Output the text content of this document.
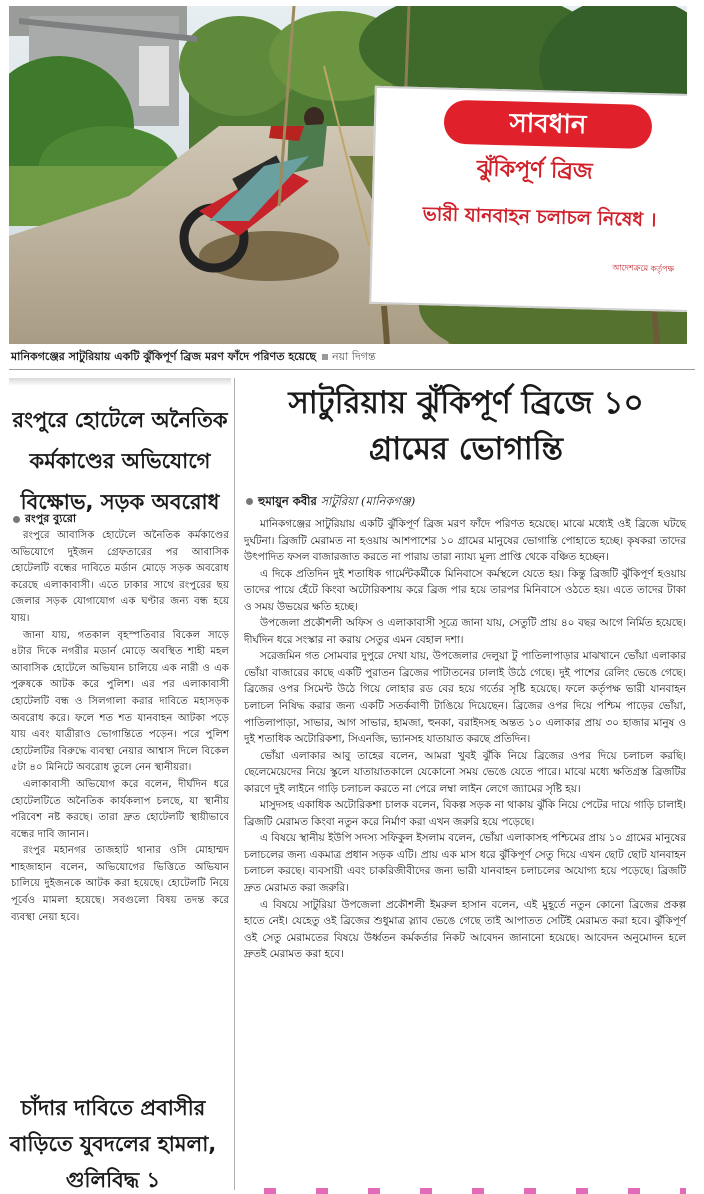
সাবধান
ঝুঁকিপূর্ণ ব্রিজ
ভারী যানবাহন চলাচল নিষেধ ।
আদেশক্রমে কর্তৃপক্ষ
মানিকগঞ্জের সাটুরিয়ায় একটি ঝুঁকিপূর্ণ ব্রিজ মরণ ফাঁদে পরিণত হয়েছে নয়া দিগন্ত
রংপুরে হোটেলে অনৈতিক কর্মকাণ্ডের অভিযোগে বিক্ষোভ, সড়ক অবরোধ
রংপুর ব্যুরো

রংপুরে আবাসিক হোটেলে অনৈতিক কর্মকাণ্ডের অভিযোগে দুইজন গ্রেফতারের পর আবাসিক হোটেলটি বন্ধের দাবিতে মর্ডান মোড়ে সড়ক অবরোধ করেছে এলাকাবাসী। এতে ঢাকার সাথে রংপুরের ছয় জেলার সড়ক যোগাযোগ এক ঘণ্টার জন্য বন্ধ হয়ে যায়।

জানা যায়, গতকাল বৃহস্পতিবার বিকেল সাড়ে ৪টার দিকে নগরীর মডার্ন মোড়ে অবস্থিত শাহী মহল আবাসিক হোটেলে অভিযান চালিয়ে এক নারী ও এক পুরুষকে আটক করে পুলিশ। এর পর এলাকাবাসী হোটেলটি বন্ধ ও সিলগালা করার দাবিতে মহাসড়ক অবরোধ করে। ফলে শত শত যানবাহন আটকা পড়ে যায় এবং যাত্রীরাও ভোগান্তিতে পড়েন। পরে পুলিশ হোটেলটির বিরুদ্ধে ব্যবস্থা নেয়ার আশ্বাস দিলে বিকেল ৫টা ৪০ মিনিটে অবরোধ তুলে নেন স্থানীয়রা।

এলাকাবাসী অভিযোগ করে বলেন, দীর্ঘদিন ধরে হোটেলটিতে অনৈতিক কার্যকলাপ চলছে, যা স্থানীয় পরিবেশ নষ্ট করছে। তারা দ্রুত হোটেলটি স্থায়ীভাবে বন্ধের দাবি জানান।

রংপুর মহানগর তাজহাট থানার ওসি মোহাম্মদ শাহজাহান বলেন, অভিযোগের ভিত্তিতে অভিযান চালিয়ে দুইজনকে আটক করা হয়েছে। হোটেলটি নিয়ে পূর্বেও মামলা হয়েছে। সবগুলো বিষয় তদন্ত করে ব্যবস্থা নেয়া হবে।

চাঁদার দাবিতে প্রবাসীর বাড়িতে যুবদলের হামলা, গুলিবিদ্ধ ১
সাটুরিয়ায় ঝুঁকিপূর্ণ ব্রিজে ১০ গ্রামের ভোগান্তি
হুমায়ুন কবীর সাটুরিয়া (মানিকগঞ্জ)

মানিকগঞ্জের সাটুরিয়ায় একটি ঝুঁকিপূর্ণ ব্রিজ মরণ ফাঁদে পরিণত হয়েছে। মাঝে মধ্যেই ওই ব্রিজে ঘটছে দুর্ঘটনা। ব্রিজটি মেরামত না হওয়ায় আশপাশের ১০ গ্রামের মানুষের ভোগান্তি পোহাতে হচ্ছে। কৃষকরা তাদের উৎপাদিত ফসল বাজারজাত করতে না পারায় তারা ন্যায্য মূল্য প্রাপ্তি থেকে বঞ্চিত হচ্ছেন।

এ দিকে প্রতিদিন দুই শতাধিক গার্মেন্টকর্মীকে মিনিবাসে কর্মস্থলে যেতে হয়। কিন্তু ব্রিজটি ঝুঁকিপূর্ণ হওয়ায় তাদের পায়ে হেঁটে কিংবা অটোরিকশায় করে ব্রিজ পার হয়ে তারপর মিনিবাসে ওঠতে হয়। এতে তাদের টাকা ও সময় উভয়ের ক্ষতি হচ্ছে।

উপজেলা প্রকৌশলী অফিস ও এলাকাবাসী সূত্রে জানা যায়, সেতুটি প্রায় ৪০ বছর আগে নির্মিত হয়েছে। দীর্ঘদিন ধরে সংস্কার না করায় সেতুর এমন বেহাল দশা।

সরেজমিন গত সোমবার দুপুরে দেখা যায়, উপজেলার দেলুয়া টু পাতিলাপাড়ার মাঝখানে ভোঁয়া এলাকার ভোঁয়া বাজারের কাছে একটি পুরাতন ব্রিজের পাটাতনের ঢালাই উঠে গেছে। দুই পাশের রেলিং ভেঙে গেছে। ব্রিজের ওপর সিমেন্ট উঠে গিয়ে লোহার রড বের হয়ে গর্তের সৃষ্টি হয়েছে। ফলে কর্তৃপক্ষ ভারী যানবাহন চলাচল নিষিদ্ধ করার জন্য একটি সতর্কবাণী টাঙিয়ে দিয়েছেন। ব্রিজের ওপর দিয়ে পশ্চিম পাড়ের ভোঁয়া, পাতিলাপাড়া, সাভার, আগ সাভার, হামজা, হুনকা, বরাইদসহ অন্তত ১০ এলাকার প্রায় ৩০ হাজার মানুষ ও দুই শতাধিক অটোরিকশা, সিএনজি, ভ্যানসহ যাতায়াত করছে প্রতিদিন।

ভোঁয়া এলাকার আবু তাহের বলেন, আমরা খুবই ঝুঁকি নিয়ে ব্রিজের ওপর দিয়ে চলাচল করছি। ছেলেমেয়েদের নিয়ে স্কুলে যাতায়াতকালে যেকোনো সময় ভেঙে যেতে পারে। মাঝে মধ্যে ক্ষতিগ্রস্ত ব্রিজটির কারণে দুই লাইনে গাড়ি চলাচল করতে না পেরে লম্বা লাইন লেগে জ্যামের সৃষ্টি হয়।

মাসুদসহ একাধিক অটোরিকশা চালক বলেন, বিকল্প সড়ক না থাকায় ঝুঁকি নিয়ে পেটের দায়ে গাড়ি চালাই। ব্রিজটি মেরামত কিংবা নতুন করে নির্মাণ করা এখন জরুরি হয়ে পড়েছে।

এ বিষয়ে স্থানীয় ইউপি সদস্য সফিকুল ইসলাম বলেন, ভোঁয়া এলাকাসহ পশ্চিমের প্রায় ১০ গ্রামের মানুষের চলাচলের জন্য একমাত্র প্রধান সড়ক এটি। প্রায় এক মাস ধরে ঝুঁকিপূর্ণ সেতু দিয়ে এখন ছোট ছোট যানবাহন চলাচল করছে। ব্যবসায়ী এবং চাকরিজীবীদের জন্য ভারী যানবাহন চলাচলের অযোগ্য হয়ে পড়েছে। ব্রিজটি দ্রুত মেরামত করা জরুরি।

এ বিষয়ে সাটুরিয়া উপজেলা প্রকৌশলী ইমরুল হাসান বলেন, এই মুহূর্তে নতুন কোনো ব্রিজের প্রকল্প হাতে নেই। যেহেতু ওই ব্রিজের শুধুমাত্র স্ল্যাব ভেঙে গেছে তাই আপাতত সেটিই মেরামত করা হবে। ঝুঁকিপূর্ণ ওই সেতু মেরামতের বিষয়ে উর্ধ্বতন কর্মকর্তার নিকট আবেদন জানানো হয়েছে। আবেদন অনুমোদন হলে দ্রুতই মেরামত করা হবে।
